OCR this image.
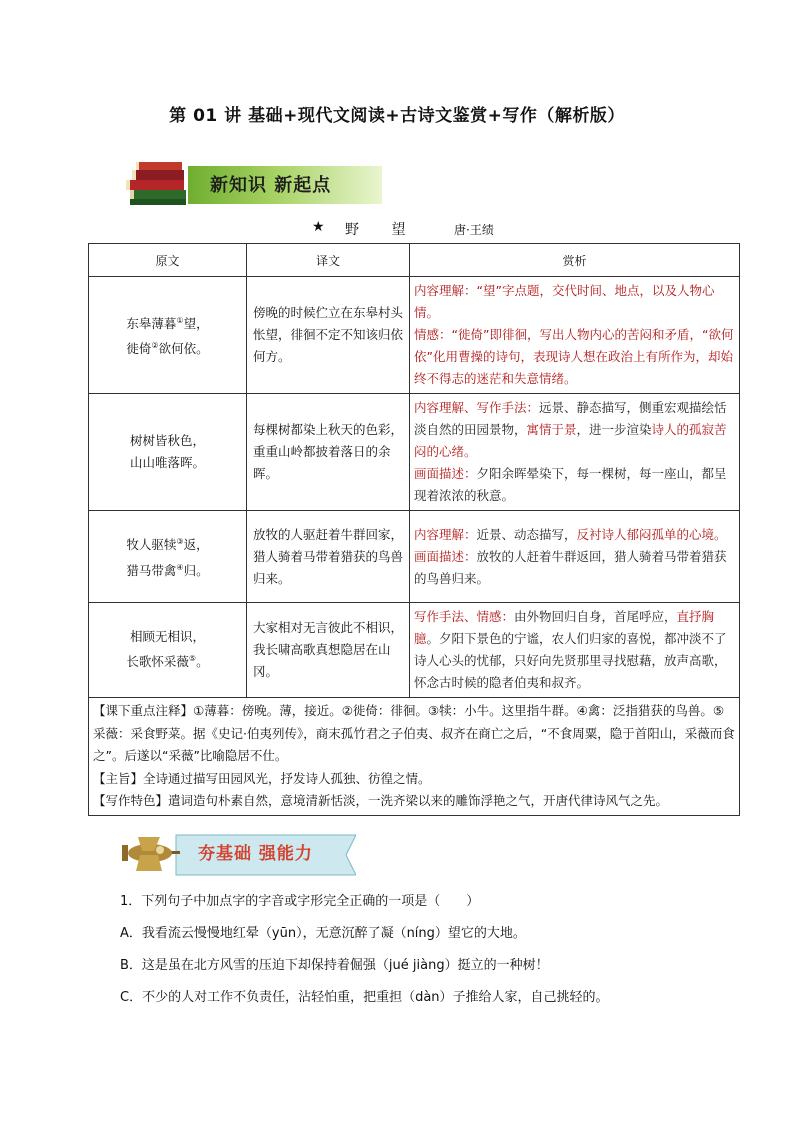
第 01 讲 基础+现代文阅读+古诗文鉴赏+写作（解析版）
新知识 新起点
★ 野 望	唐·王绩
原文	译文	赏析
东皋薄暮①望，
徙倚②欲何依。	傍晚的时候伫立在东皋村头怅望，徘徊不定不知该归依何方。	内容理解：“望”字点题，交代时间、地点，以及人物心情。
情感：“徙倚”即徘徊，写出人物内心的苦闷和矛盾，“欲何依”化用曹操的诗句，表现诗人想在政治上有所作为，却始终不得志的迷茫和失意情绪。
树树皆秋色，
山山唯落晖。	每棵树都染上秋天的色彩，重重山岭都披着落日的余晖。	内容理解、写作手法：远景、静态描写，侧重宏观描绘恬淡自然的田园景物，寓情于景，进一步渲染诗人的孤寂苦闷的心绪。
画面描述：夕阳余晖晕染下，每一棵树，每一座山，都呈现着浓浓的秋意。
牧人驱犊③返，
猎马带禽④归。	放牧的人驱赶着牛群回家，猎人骑着马带着猎获的鸟兽归来。	内容理解：近景、动态描写，反衬诗人郁闷孤单的心境。
画面描述：放牧的人赶着牛群返回，猎人骑着马带着猎获的鸟兽归来。
相顾无相识，
长歌怀采薇⑤。	大家相对无言彼此不相识，我长啸高歌真想隐居在山冈。	写作手法、情感：由外物回归自身，首尾呼应，直抒胸臆。夕阳下景色的宁谧，农人们归家的喜悦，都冲淡不了诗人心头的忧郁，只好向先贤那里寻找慰藉，放声高歌，怀念古时候的隐者伯夷和叔齐。
【课下重点注释】①薄暮：傍晚。薄，接近。②徙倚：徘徊。③犊：小牛。这里指牛群。④禽：泛指猎获的鸟兽。⑤采薇：采食野菜。据《史记·伯夷列传》，商末孤竹君之子伯夷、叔齐在商亡之后，“不食周粟，隐于首阳山，采薇而食之”。后遂以“采薇”比喻隐居不仕。
【主旨】全诗通过描写田园风光，抒发诗人孤独、彷徨之情。
【写作特色】遣词造句朴素自然，意境清新恬淡，一洗齐梁以来的雕饰浮艳之气，开唐代律诗风气之先。		
夯基础 强能力
1．下列句子中加点字的字音或字形完全正确的一项是（　　）
A．我看流云慢慢地红晕（yūn），无意沉醉了凝（níng）望它的大地。
B．这是虽在北方风雪的压迫下却保持着倔强（jué jiàng）挺立的一种树！
C．不少的人对工作不负责任，沾轻怕重，把重担（dàn）子推给人家，自己挑轻的。
